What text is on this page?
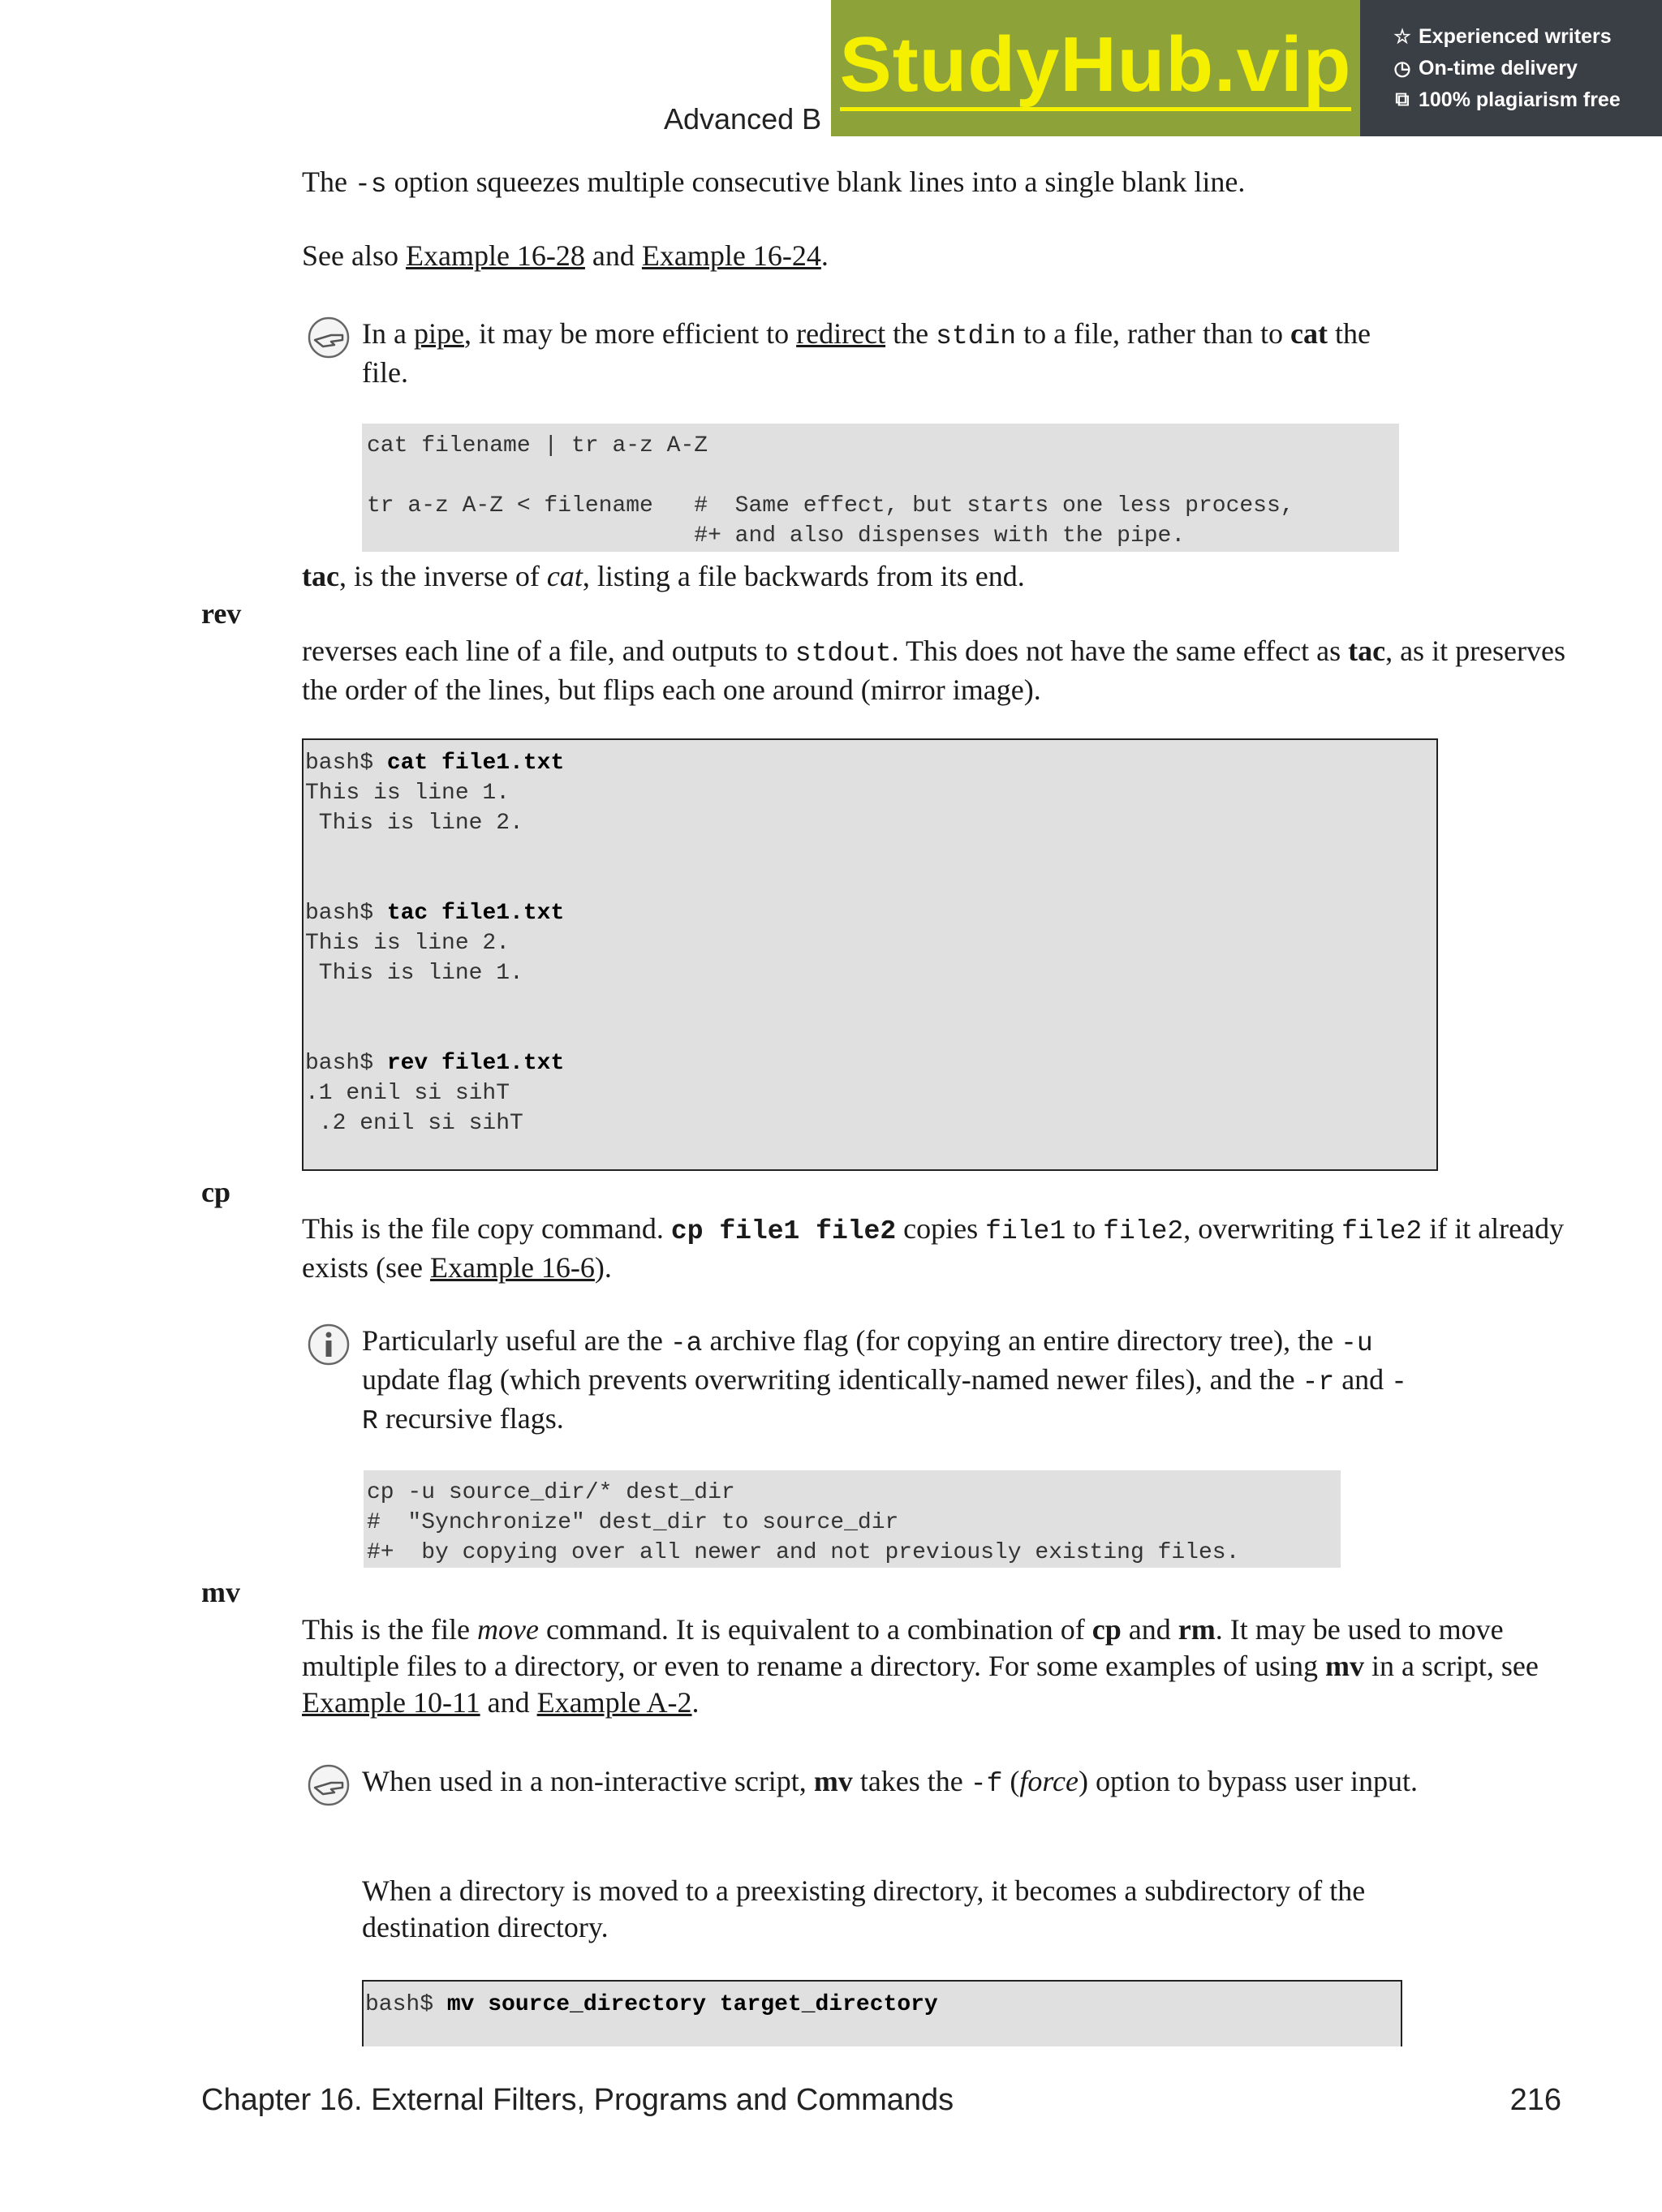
Advanced B
StudyHub.vip ☆ Experienced writers
◷ On-time delivery
⧉ 100% plagiarism free

The -s option squeezes multiple consecutive blank lines into a single blank line.

See also Example 16-28 and Example 16-24.

In a pipe, it may be more efficient to redirect the stdin to a file, rather than to cat the file.

cat filename | tr a-z A-Z

tr a-z A-Z < filename   #  Same effect, but starts one less process,
#+ and also dispenses with the pipe.

tac, is the inverse of cat, listing a file backwards from its end.

rev

reverses each line of a file, and outputs to stdout. This does not have the same effect as tac, as it preserves the order of the lines, but flips each one around (mirror image).

bash$ cat file1.txt
This is line 1.
This is line 2.

bash$ tac file1.txt
This is line 2.
This is line 1.

bash$ rev file1.txt
.1 enil si sihT
.2 enil si sihT
cp

This is the file copy command. cp file1 file2 copies file1 to file2, overwriting file2 if it already exists (see Example 16-6).

Particularly useful are the -a archive flag (for copying an entire directory tree), the -u update flag (which prevents overwriting identically-named newer files), and the -r and -R recursive flags.

cp -u source_dir/* dest_dir
#  "Synchronize" dest_dir to source_dir
#+  by copying over all newer and not previously existing files.
mv

This is the file move command. It is equivalent to a combination of cp and rm. It may be used to move multiple files to a directory, or even to rename a directory. For some examples of using mv in a script, see Example 10-11 and Example A-2.

When used in a non-interactive script, mv takes the -f (force) option to bypass user input.

When a directory is moved to a preexisting directory, it becomes a subdirectory of the destination directory.

bash$ mv source_directory target_directory
Chapter 16. External Filters, Programs and Commands	216
